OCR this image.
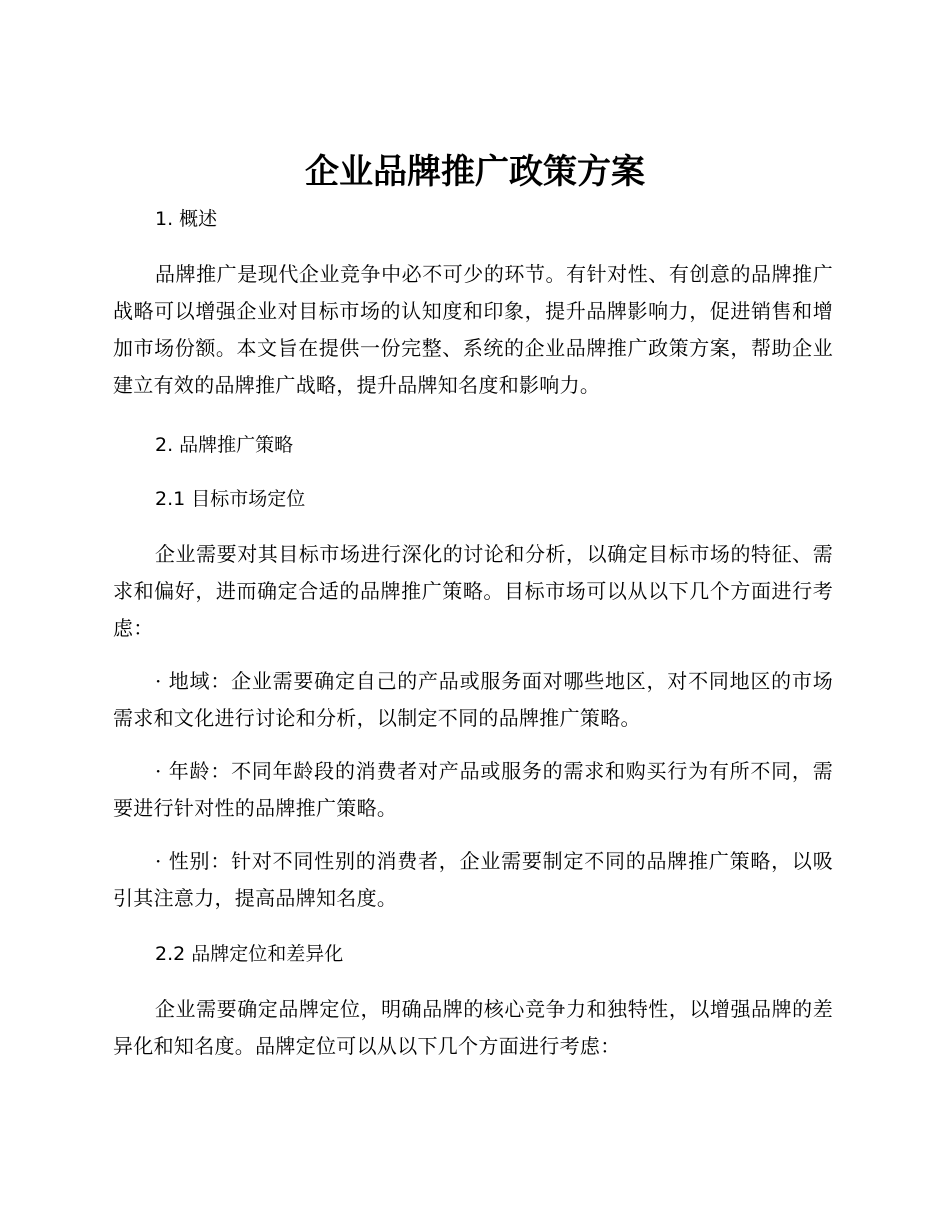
企业品牌推广政策方案
1. 概述

品牌推广是现代企业竞争中必不可少的环节。有针对性、有创意的品牌推广战略可以增强企业对目标市场的认知度和印象，提升品牌影响力，促进销售和增加市场份额。本文旨在提供一份完整、系统的企业品牌推广政策方案，帮助企业建立有效的品牌推广战略，提升品牌知名度和影响力。

2. 品牌推广策略
2.1 目标市场定位

企业需要对其目标市场进行深化的讨论和分析，以确定目标市场的特征、需求和偏好，进而确定合适的品牌推广策略。目标市场可以从以下几个方面进行考虑：

· 地域：企业需要确定自己的产品或服务面对哪些地区，对不同地区的市场需求和文化进行讨论和分析，以制定不同的品牌推广策略。

· 年龄：不同年龄段的消费者对产品或服务的需求和购买行为有所不同，需要进行针对性的品牌推广策略。

· 性别：针对不同性别的消费者，企业需要制定不同的品牌推广策略，以吸引其注意力，提高品牌知名度。

2.2 品牌定位和差异化

企业需要确定品牌定位，明确品牌的核心竞争力和独特性，以增强品牌的差异化和知名度。品牌定位可以从以下几个方面进行考虑：
